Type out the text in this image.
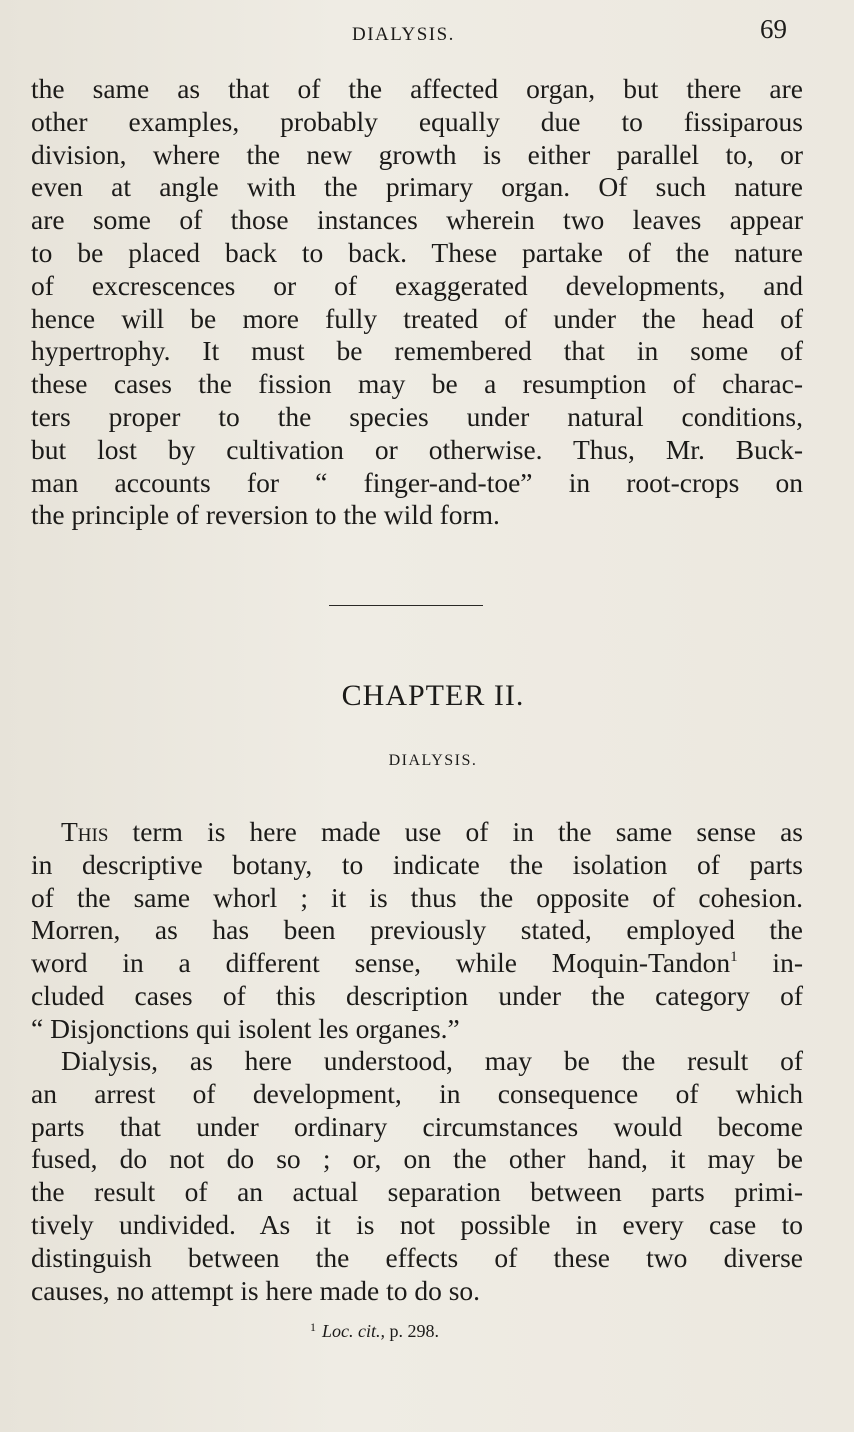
DIALYSIS.	69
the same as that of the affected organ, but there are
other examples, probably equally due to fissiparous
division, where the new growth is either parallel to, or
even at angle with the primary organ. Of such nature
are some of those instances wherein two leaves appear
to be placed back to back. These partake of the nature
of excrescences or of exaggerated developments, and
hence will be more fully treated of under the head of
hypertrophy. It must be remembered that in some of
these cases the fission may be a resumption of charac-
ters proper to the species under natural conditions,
but lost by cultivation or otherwise. Thus, Mr. Buck-
man accounts for “ finger-and-toe” in root-crops on
the principle of reversion to the wild form.
CHAPTER II.
DIALYSIS.
This term is here made use of in the same sense as
in descriptive botany, to indicate the isolation of parts
of the same whorl ; it is thus the opposite of cohesion.
Morren, as has been previously stated, employed the
word in a different sense, while Moquin-Tandon$^1$ in-
cluded cases of this description under the category of
“ Disjonctions qui isolent les organes.”
Dialysis, as here understood, may be the result of
an arrest of development, in consequence of which
parts that under ordinary circumstances would become
fused, do not do so ; or, on the other hand, it may be
the result of an actual separation between parts primi-
tively undivided. As it is not possible in every case to
distinguish between the effects of these two diverse
causes, no attempt is here made to do so.
$^1$ Loc. cit., p. 298.
